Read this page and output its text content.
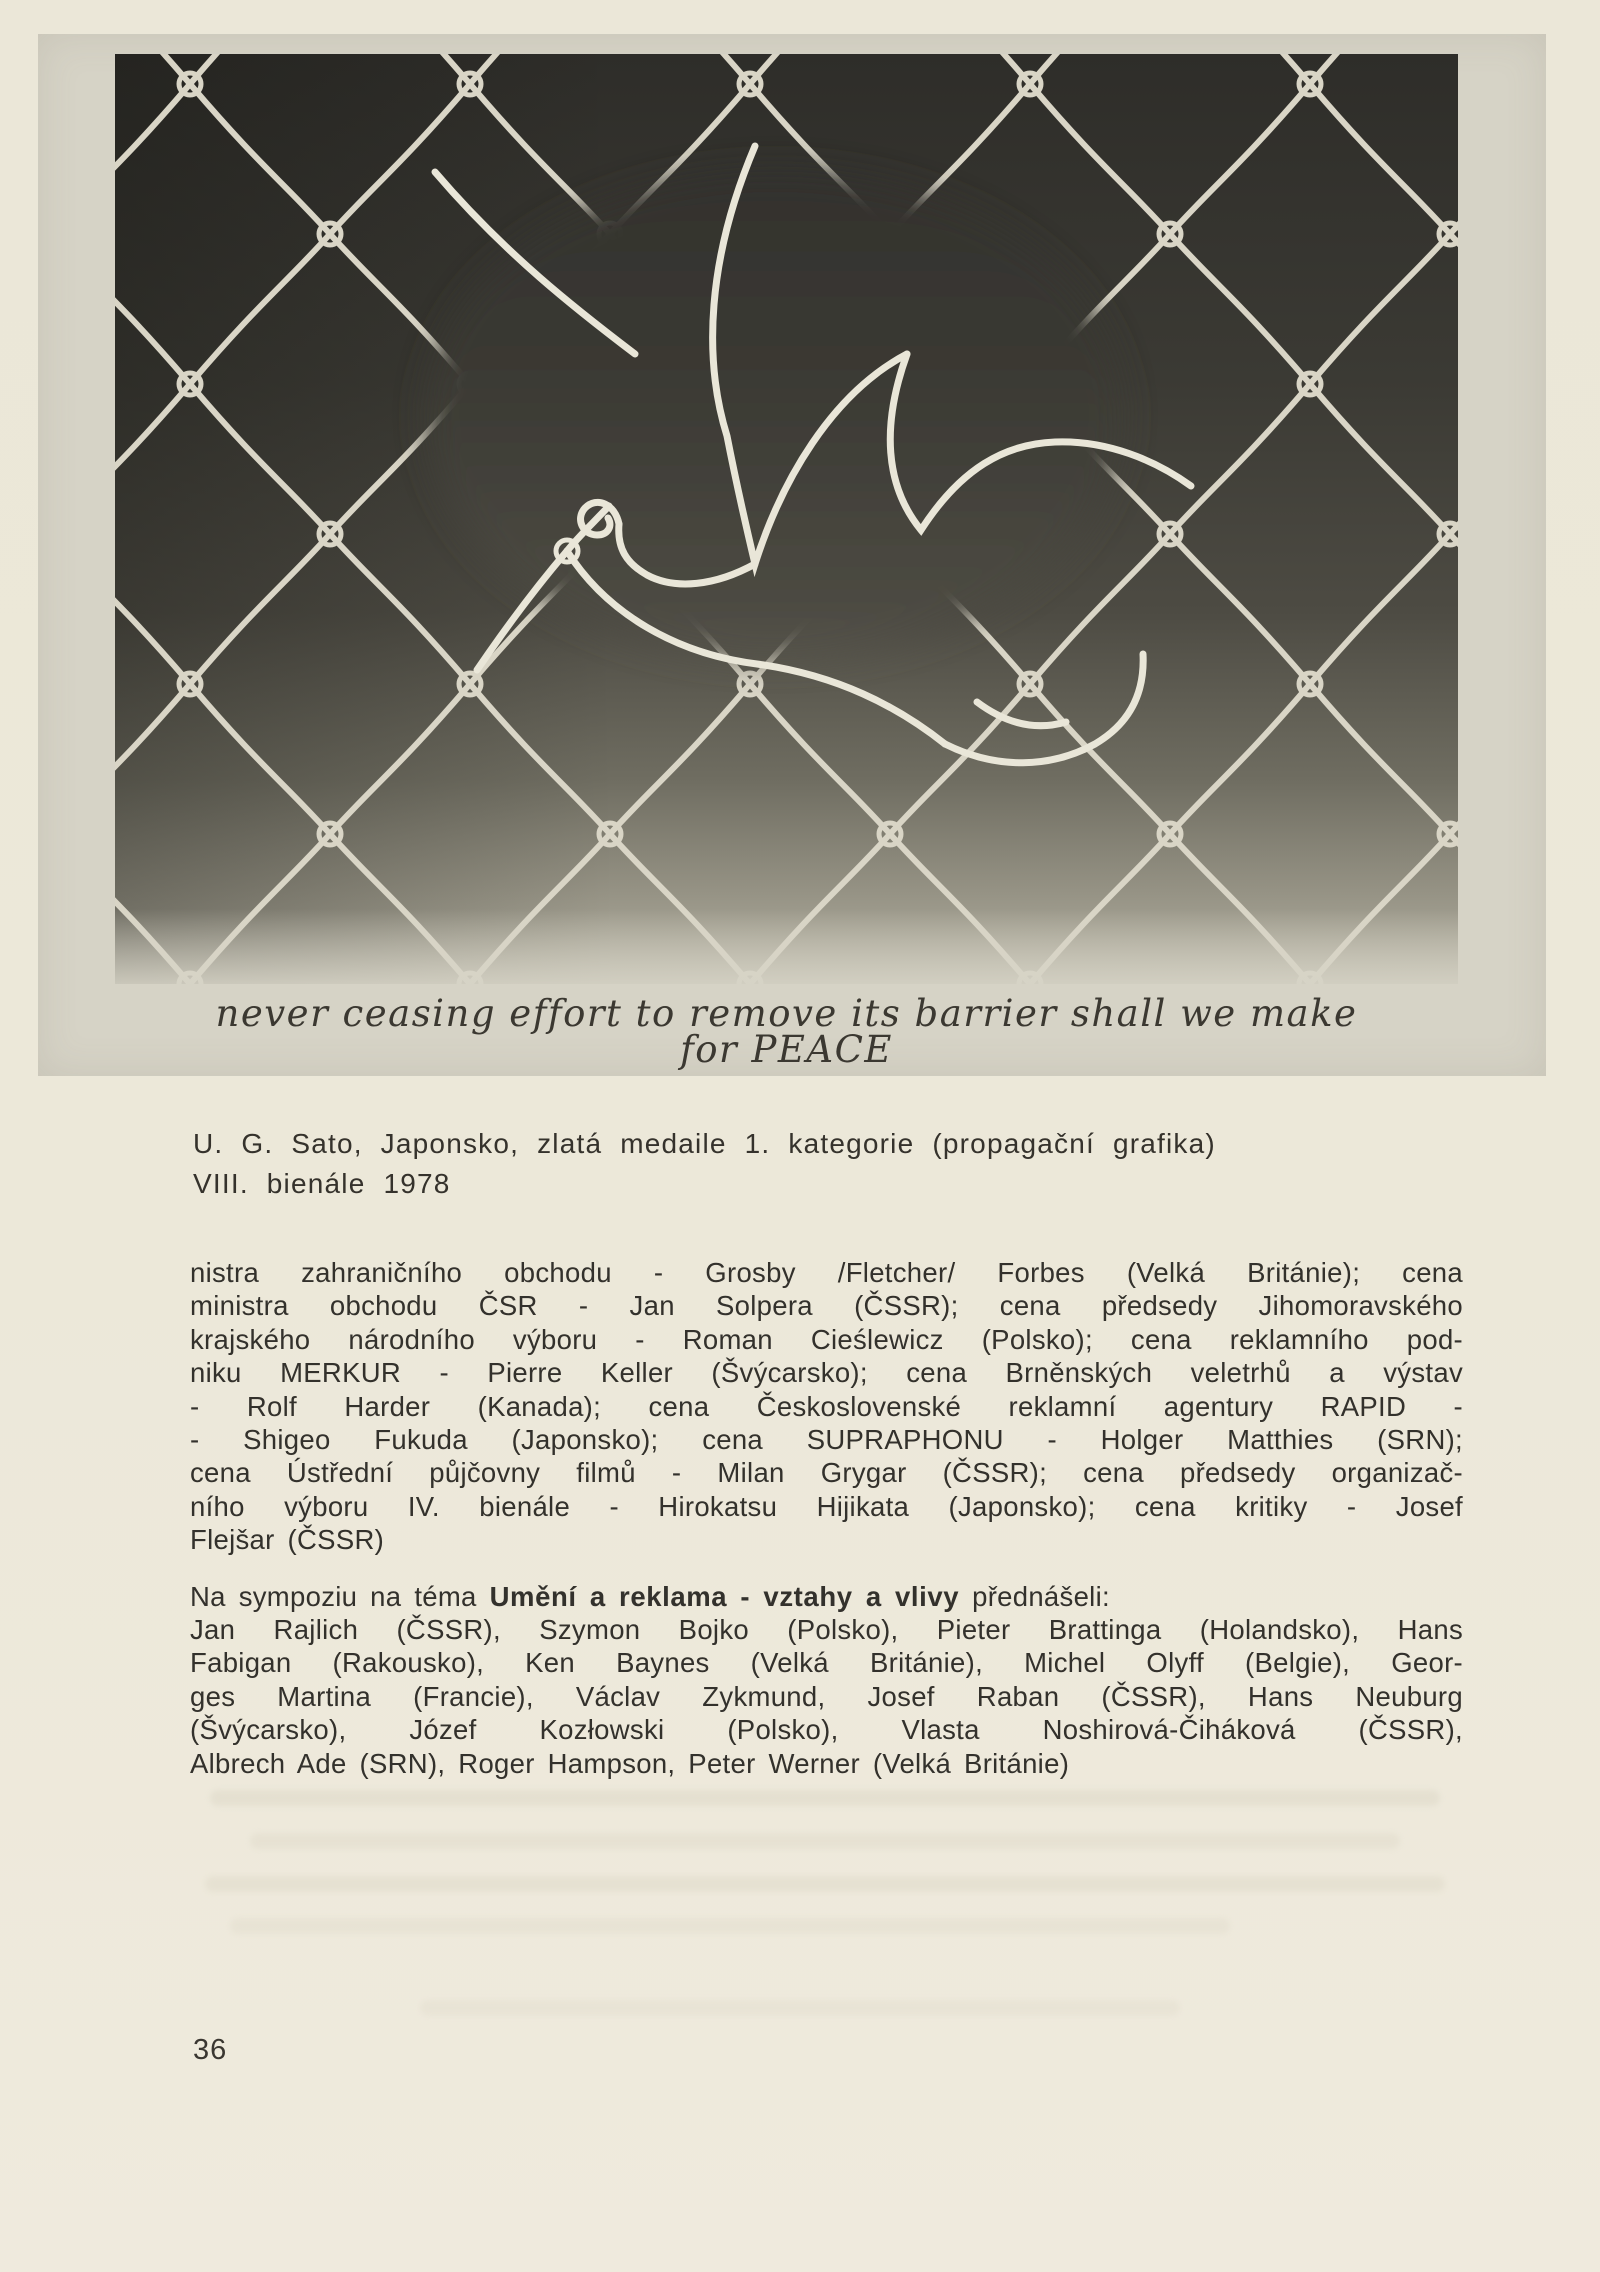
never ceasing effort to remove its barrier shall we make
for PEACE
U. G. Sato, Japonsko, zlatá medaile 1. kategorie (propagační grafika)
VIII. bienále 1978
nistra zahraničního obchodu - Grosby /Fletcher/ Forbes (Velká Británie); cena
ministra obchodu ČSR - Jan Solpera (ČSSR); cena předsedy Jihomoravského
krajského národního výboru - Roman Cieślewicz (Polsko); cena reklamního pod-
niku MERKUR - Pierre Keller (Švýcarsko); cena Brněnských veletrhů a výstav
- Rolf Harder (Kanada); cena Československé reklamní agentury RAPID -
- Shigeo Fukuda (Japonsko); cena SUPRAPHONU - Holger Matthies (SRN);
cena Ústřední půjčovny filmů - Milan Grygar (ČSSR); cena předsedy organizač-
ního výboru IV. bienále - Hirokatsu Hijikata (Japonsko); cena kritiky - Josef
Flejšar (ČSSR)
Na sympoziu na téma Umění a reklama - vztahy a vlivy přednášeli:
Jan Rajlich (ČSSR), Szymon Bojko (Polsko), Pieter Brattinga (Holandsko), Hans
Fabigan (Rakousko), Ken Baynes (Velká Británie), Michel Olyff (Belgie), Geor-
ges Martina (Francie), Václav Zykmund, Josef Raban (ČSSR), Hans Neuburg
(Švýcarsko), Józef Kozłowski (Polsko), Vlasta Noshirová-Čiháková (ČSSR),
Albrech Ade (SRN), Roger Hampson, Peter Werner (Velká Británie)
36
